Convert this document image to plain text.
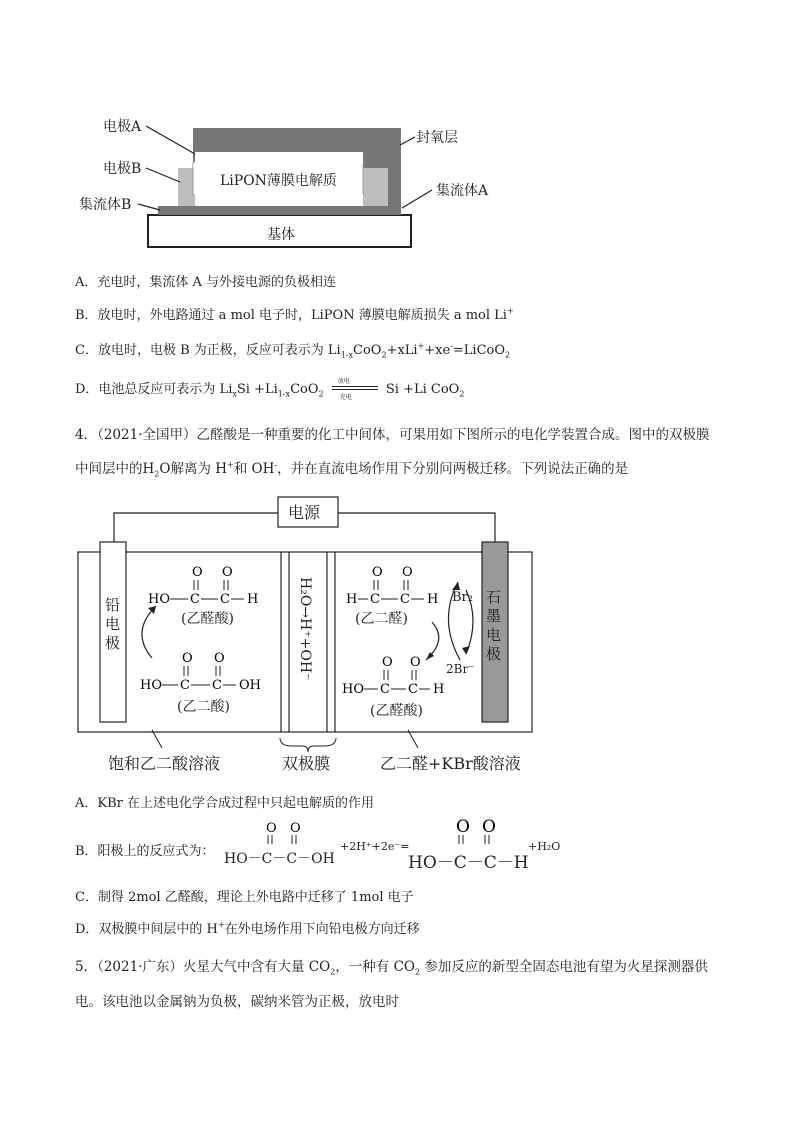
电极A
电极B
集流体B
封氧层
集流体A
LiPON薄膜电解质
基体
A．充电时，集流体 A 与外接电源的负极相连
B．放电时，外电路通过 a mol 电子时，LiPON 薄膜电解质损失 a mol Li+
C．放电时，电极 B 为正极，反应可表示为 $Li_{1-x}CoO_2+xLi^++xe^-=LiCoO_2$
D．电池总反应可表示为 $Li_xSi +Li_{1-x}CoO_2$
放电
充电	Si +Li CoO$_2$
4．（2021·全国甲）乙醛酸是一种重要的化工中间体，可果用如下图所示的电化学装置合成。图中的双极膜
中间层中的$H_2O$解离为 H+和 OH-，并在直流电场作用下分别问两极迁移。下列说法正确的是
O O
HO C C H
O O
HO C C OH
O O
H C C H
O O
HO C C H
电源
铅电极
石墨电极
(乙醛酸)
(乙二酸)
(乙二醛)
(乙醛酸)
Br₂
2Br⁻
H₂O→H⁺+OH⁻
饱和乙二酸溶液	双极膜	乙二醛+KBr酸溶液
A．KBr 在上述电化学合成过程中只起电解质的作用
B．阳极上的反应式为：
O O	O O
HO－C－C－OH
+2H⁺+2e⁻=
HO－C－C－H
+H₂O
C．制得 2mol 乙醛酸，理论上外电路中迁移了 1mol 电子
D．双极膜中间层中的 H+在外电场作用下向铅电极方向迁移
5．（2021·广东）火星大气中含有大量 $CO_2$，一种有 $CO_2$ 参加反应的新型全固态电池有望为火星探测器供
电。该电池以金属钠为负极，碳纳米管为正极，放电时
